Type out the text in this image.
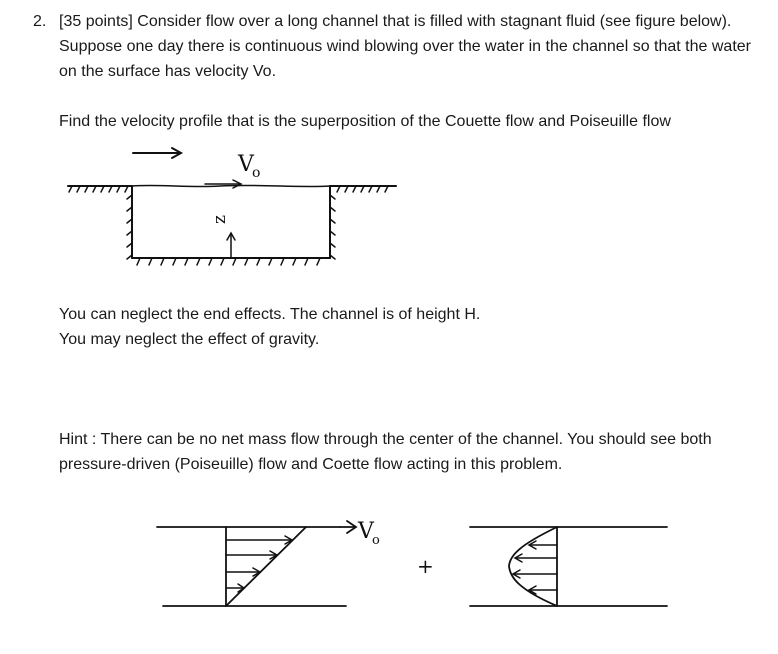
2. [35 points] Consider flow over a long channel that is filled with stagnant fluid (see figure below). Suppose one day there is continuous wind blowing over the water in the channel so that the water on the surface has velocity Vo.

Find the velocity profile that is the superposition of the Couette flow and Poiseuille flow

V
o
z

You can neglect the end effects. The channel is of height H.

You may neglect the effect of gravity.

Hint : There can be no net mass flow through the center of the channel. You should see both pressure-driven (Poiseuille) flow and Coette flow acting in this problem.

V
o
+
